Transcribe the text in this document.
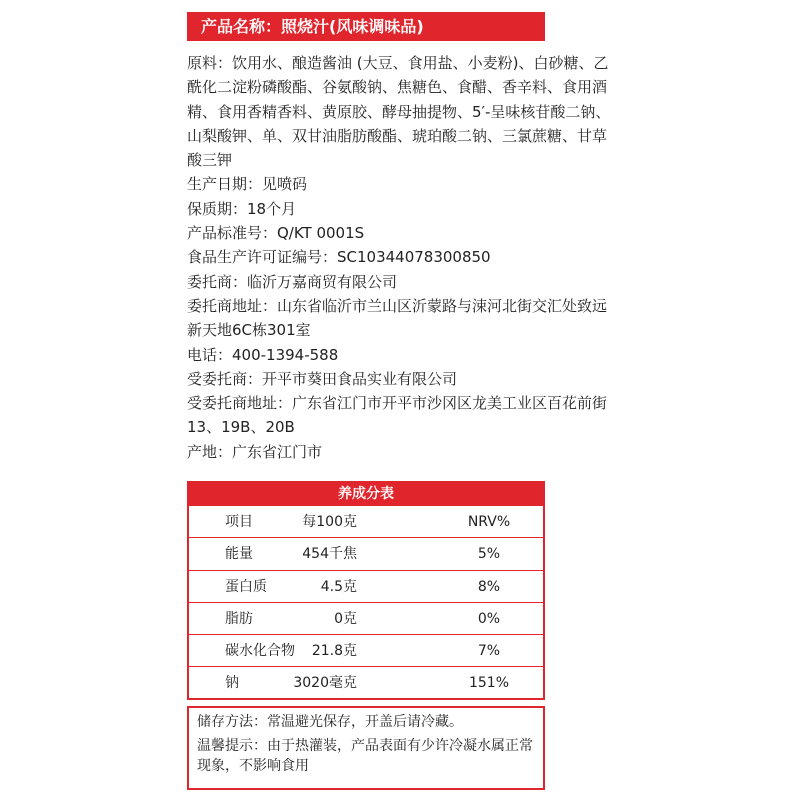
产品名称：照烧汁(风味调味品)

原料：饮用水、酿造酱油 (大豆、食用盐、小麦粉)、白砂糖、乙酰化二淀粉磷酸酯、谷氨酸钠、焦糖色、食醋、香辛料、食用酒精、食用香精香料、黄原胶、酵母抽提物、5′-呈味核苷酸二钠、山梨酸钾、单、双甘油脂肪酸酯、琥珀酸二钠、三氯蔗糖、甘草酸三钾

生产日期：见喷码

保质期：18个月

产品标准号：Q/KT 0001S

食品生产许可证编号：SC10344078300850

委托商：临沂万嘉商贸有限公司

委托商地址：山东省临沂市兰山区沂蒙路与涑河北街交汇处致远新天地6C栋301室

电话：400-1394-588

受委托商：开平市葵田食品实业有限公司

受委托商地址：广东省江门市开平市沙冈区龙美工业区百花前街13、19B、20B

产地：广东省江门市

养成分表
项目	每100克	NRV%
能量	454千焦	5%
蛋白质	4.5克	8%
脂肪	0克	0%
碳水化合物 21.8克	7%
钠	3020毫克	151%

储存方法：常温避光保存，开盖后请冷藏。

温馨提示：由于热灌装，产品表面有少许冷凝水属正常现象，不影响食用
